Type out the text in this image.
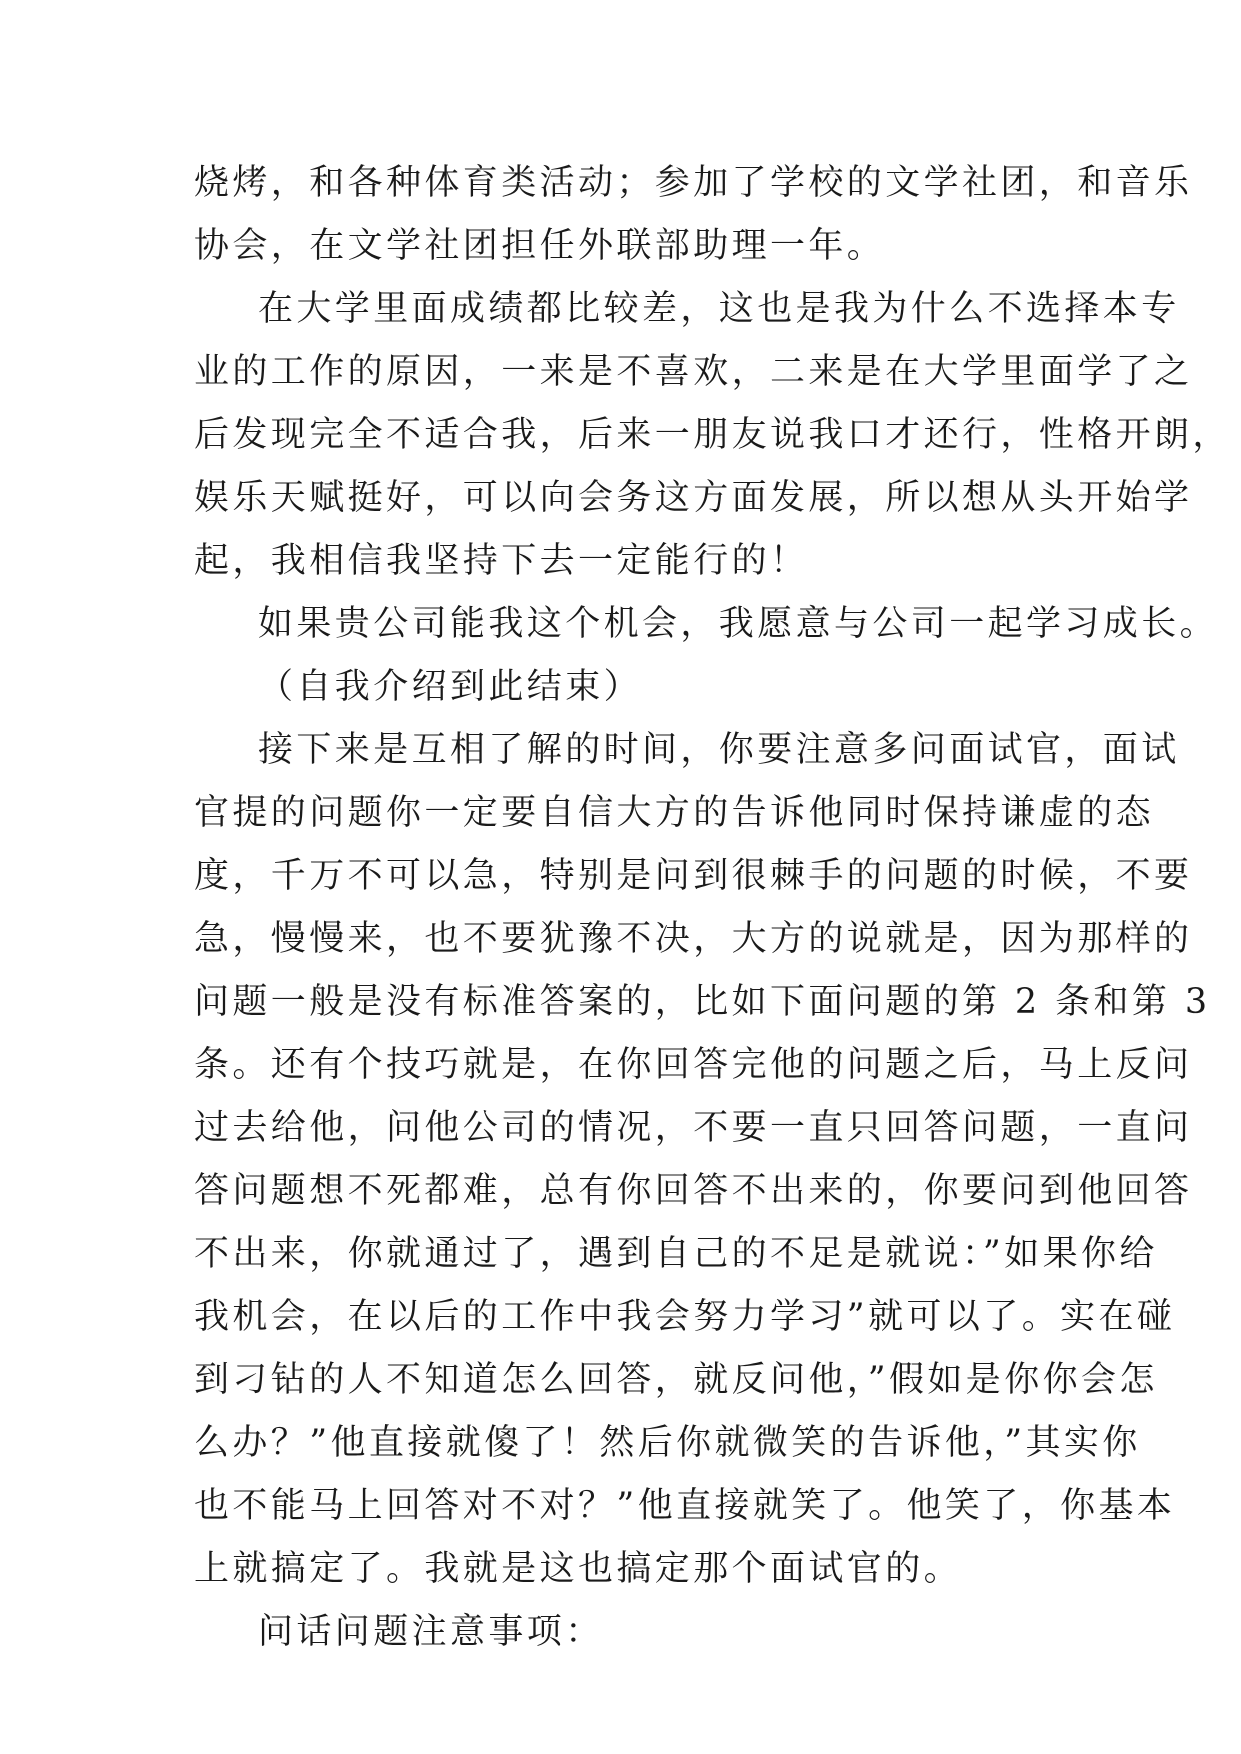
烧烤，和各种体育类活动；参加了学校的文学社团，和音乐
协会，在文学社团担任外联部助理一年。
在大学里面成绩都比较差，这也是我为什么不选择本专
业的工作的原因，一来是不喜欢，二来是在大学里面学了之
后发现完全不适合我，后来一朋友说我口才还行，性格开朗，
娱乐天赋挺好，可以向会务这方面发展，所以想从头开始学
起，我相信我坚持下去一定能行的！
如果贵公司能我这个机会，我愿意与公司一起学习成长。
（自我介绍到此结束）
接下来是互相了解的时间，你要注意多问面试官，面试
官提的问题你一定要自信大方的告诉他同时保持谦虚的态
度，千万不可以急，特别是问到很棘手的问题的时候，不要
急，慢慢来，也不要犹豫不决，大方的说就是，因为那样的
问题一般是没有标准答案的，比如下面问题的第 2 条和第 3
条。还有个技巧就是，在你回答完他的问题之后，马上反问
过去给他，问他公司的情况，不要一直只回答问题，一直问
答问题想不死都难，总有你回答不出来的，你要问到他回答
不出来，你就通过了，遇到自己的不足是就说：”如果你给
我机会，在以后的工作中我会努力学习”就可以了。实在碰
到刁钻的人不知道怎么回答，就反问他，”假如是你你会怎
么办？”他直接就傻了！然后你就微笑的告诉他，”其实你
也不能马上回答对不对？”他直接就笑了。他笑了，你基本
上就搞定了。我就是这也搞定那个面试官的。
问话问题注意事项：
